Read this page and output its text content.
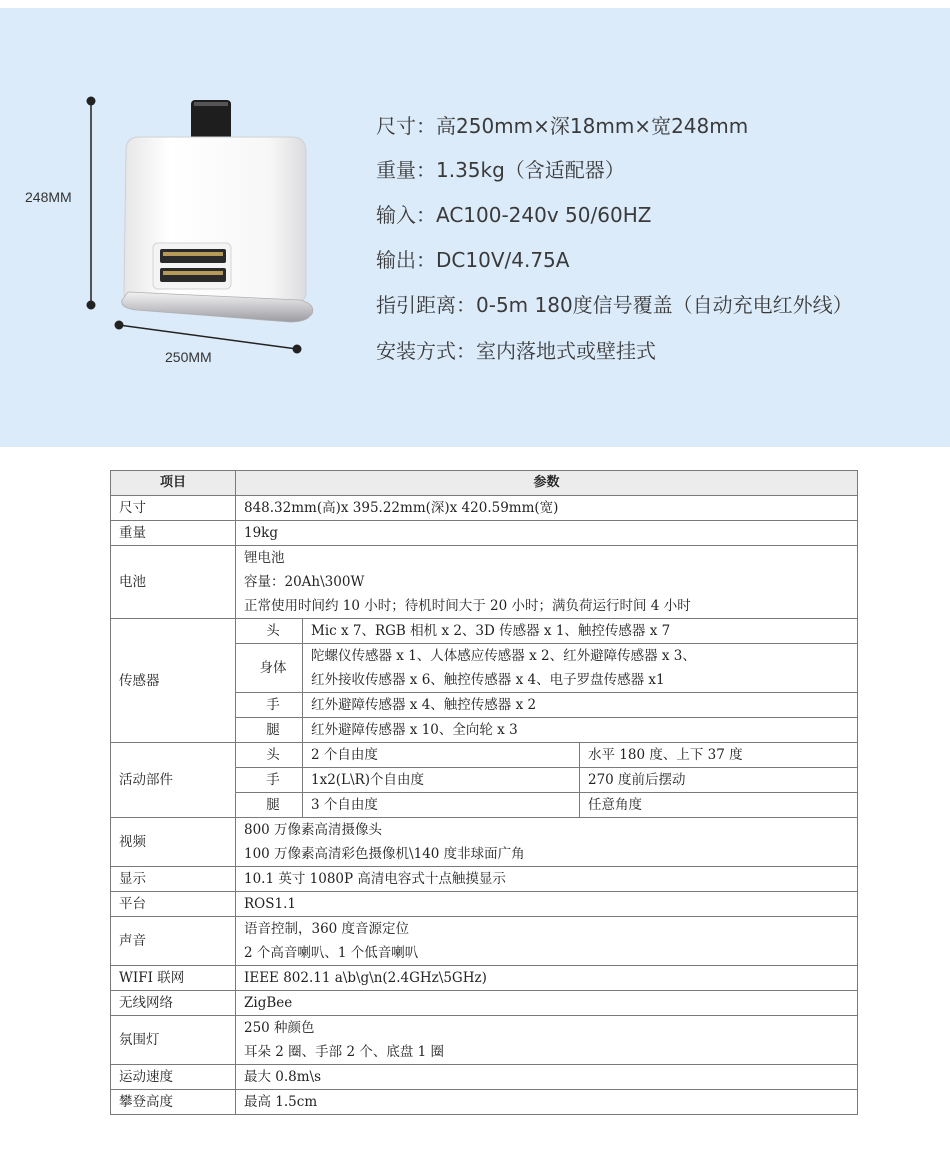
248MM
250MM
尺寸：高250mm×深18mm×宽248mm
重量：1.35kg（含适配器）
输入：AC100-240v 50/60HZ
输出：DC10V/4.75A
指引距离：0-5m 180度信号覆盖（自动充电红外线）
安装方式：室内落地式或壁挂式
项目	参数		
尺寸	848.32mm(高)x 395.22mm(深)x 420.59mm(宽)		
重量	19kg		
电池	锂电池
容量：20Ah\300W
正常使用时间约 10 小时；待机时间大于 20 小时；满负荷运行时间 4 小时		

传感器	头	Mic x 7、RGB 相机 x 2、3D 传感器 x 1、触控传感器 x 7	
	身体	陀螺仪传感器 x 1、人体感应传感器 x 2、红外避障传感器 x 3、
红外接收传感器 x 6、触控传感器 x 4、电子罗盘传感器 x1	

	手	红外避障传感器 x 4、触控传感器 x 2	
	腿	红外避障传感器 x 10、全向轮 x 3	
活动部件	头	2 个自由度	水平 180 度、上下 37 度
	手	1x2(L\R)个自由度	270 度前后摆动
	腿	3 个自由度	任意角度
视频	800 万像素高清摄像头
100 万像素高清彩色摄像机\140 度非球面广角		

显示	10.1 英寸 1080P 高清电容式十点触摸显示		
平台	ROS1.1		
声音	语音控制，360 度音源定位
2 个高音喇叭、1 个低音喇叭		

WIFI 联网	IEEE 802.11 a\b\g\n(2.4GHz\5GHz)		
无线网络	ZigBee		
氛围灯	250 种颜色
耳朵 2 圈、手部 2 个、底盘 1 圈		

运动速度	最大 0.8m\s		
攀登高度	最高 1.5cm		
